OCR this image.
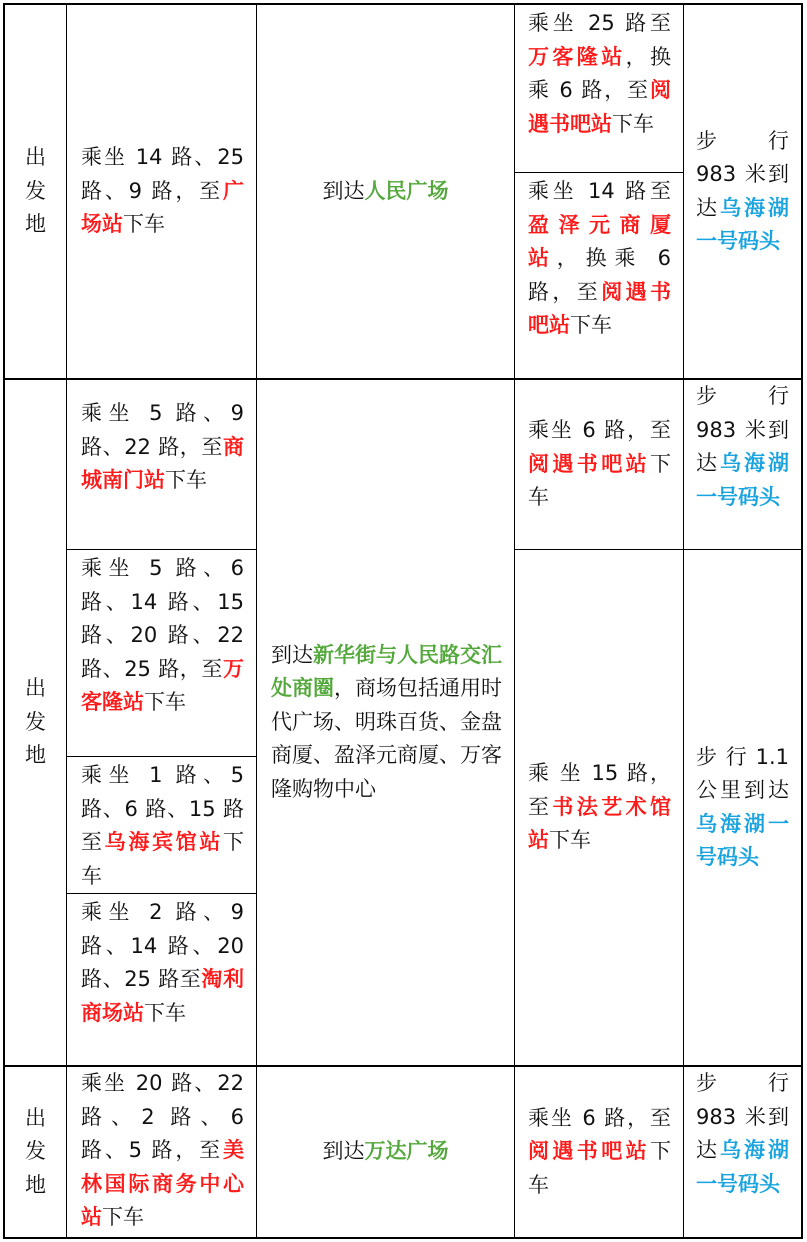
出发地
乘坐 14 路、25 路、9 路，至广场站下车
到达人民广场
乘坐 25 路至万客隆站，换乘 6 路，至阅遇书吧站下车
乘坐 14 路至盈泽元商厦站，换乘 6 路，至阅遇书吧站下车
步 行 983 米到达乌海湖一号码头
出发地
乘坐 5 路、9 路、22 路，至商城南门站下车
乘坐 5 路、6 路、14 路、15 路、20 路、22 路、25 路，至万客隆站下车
乘坐 1 路、5 路、6 路、15 路至乌海宾馆站下车
乘坐 2 路、9 路、14 路、20 路、25 路至淘利商场站下车
到达新华街与人民路交汇处商圈，商场包括通用时代广场、明珠百货、金盘商厦、盈泽元商厦、万客隆购物中心
乘坐 6 路，至阅遇书吧站下车
乘 坐 15 路，至书法艺术馆站下车
步 行 983 米到达乌海湖一号码头
步 行 1.1 公里到达乌海湖一号码头
出发地
乘坐 20 路、22 路、2 路、6 路、5 路，至美林国际商务中心站下车
到达万达广场
乘坐 6 路，至阅遇书吧站下车
步 行 983 米到达乌海湖一号码头
